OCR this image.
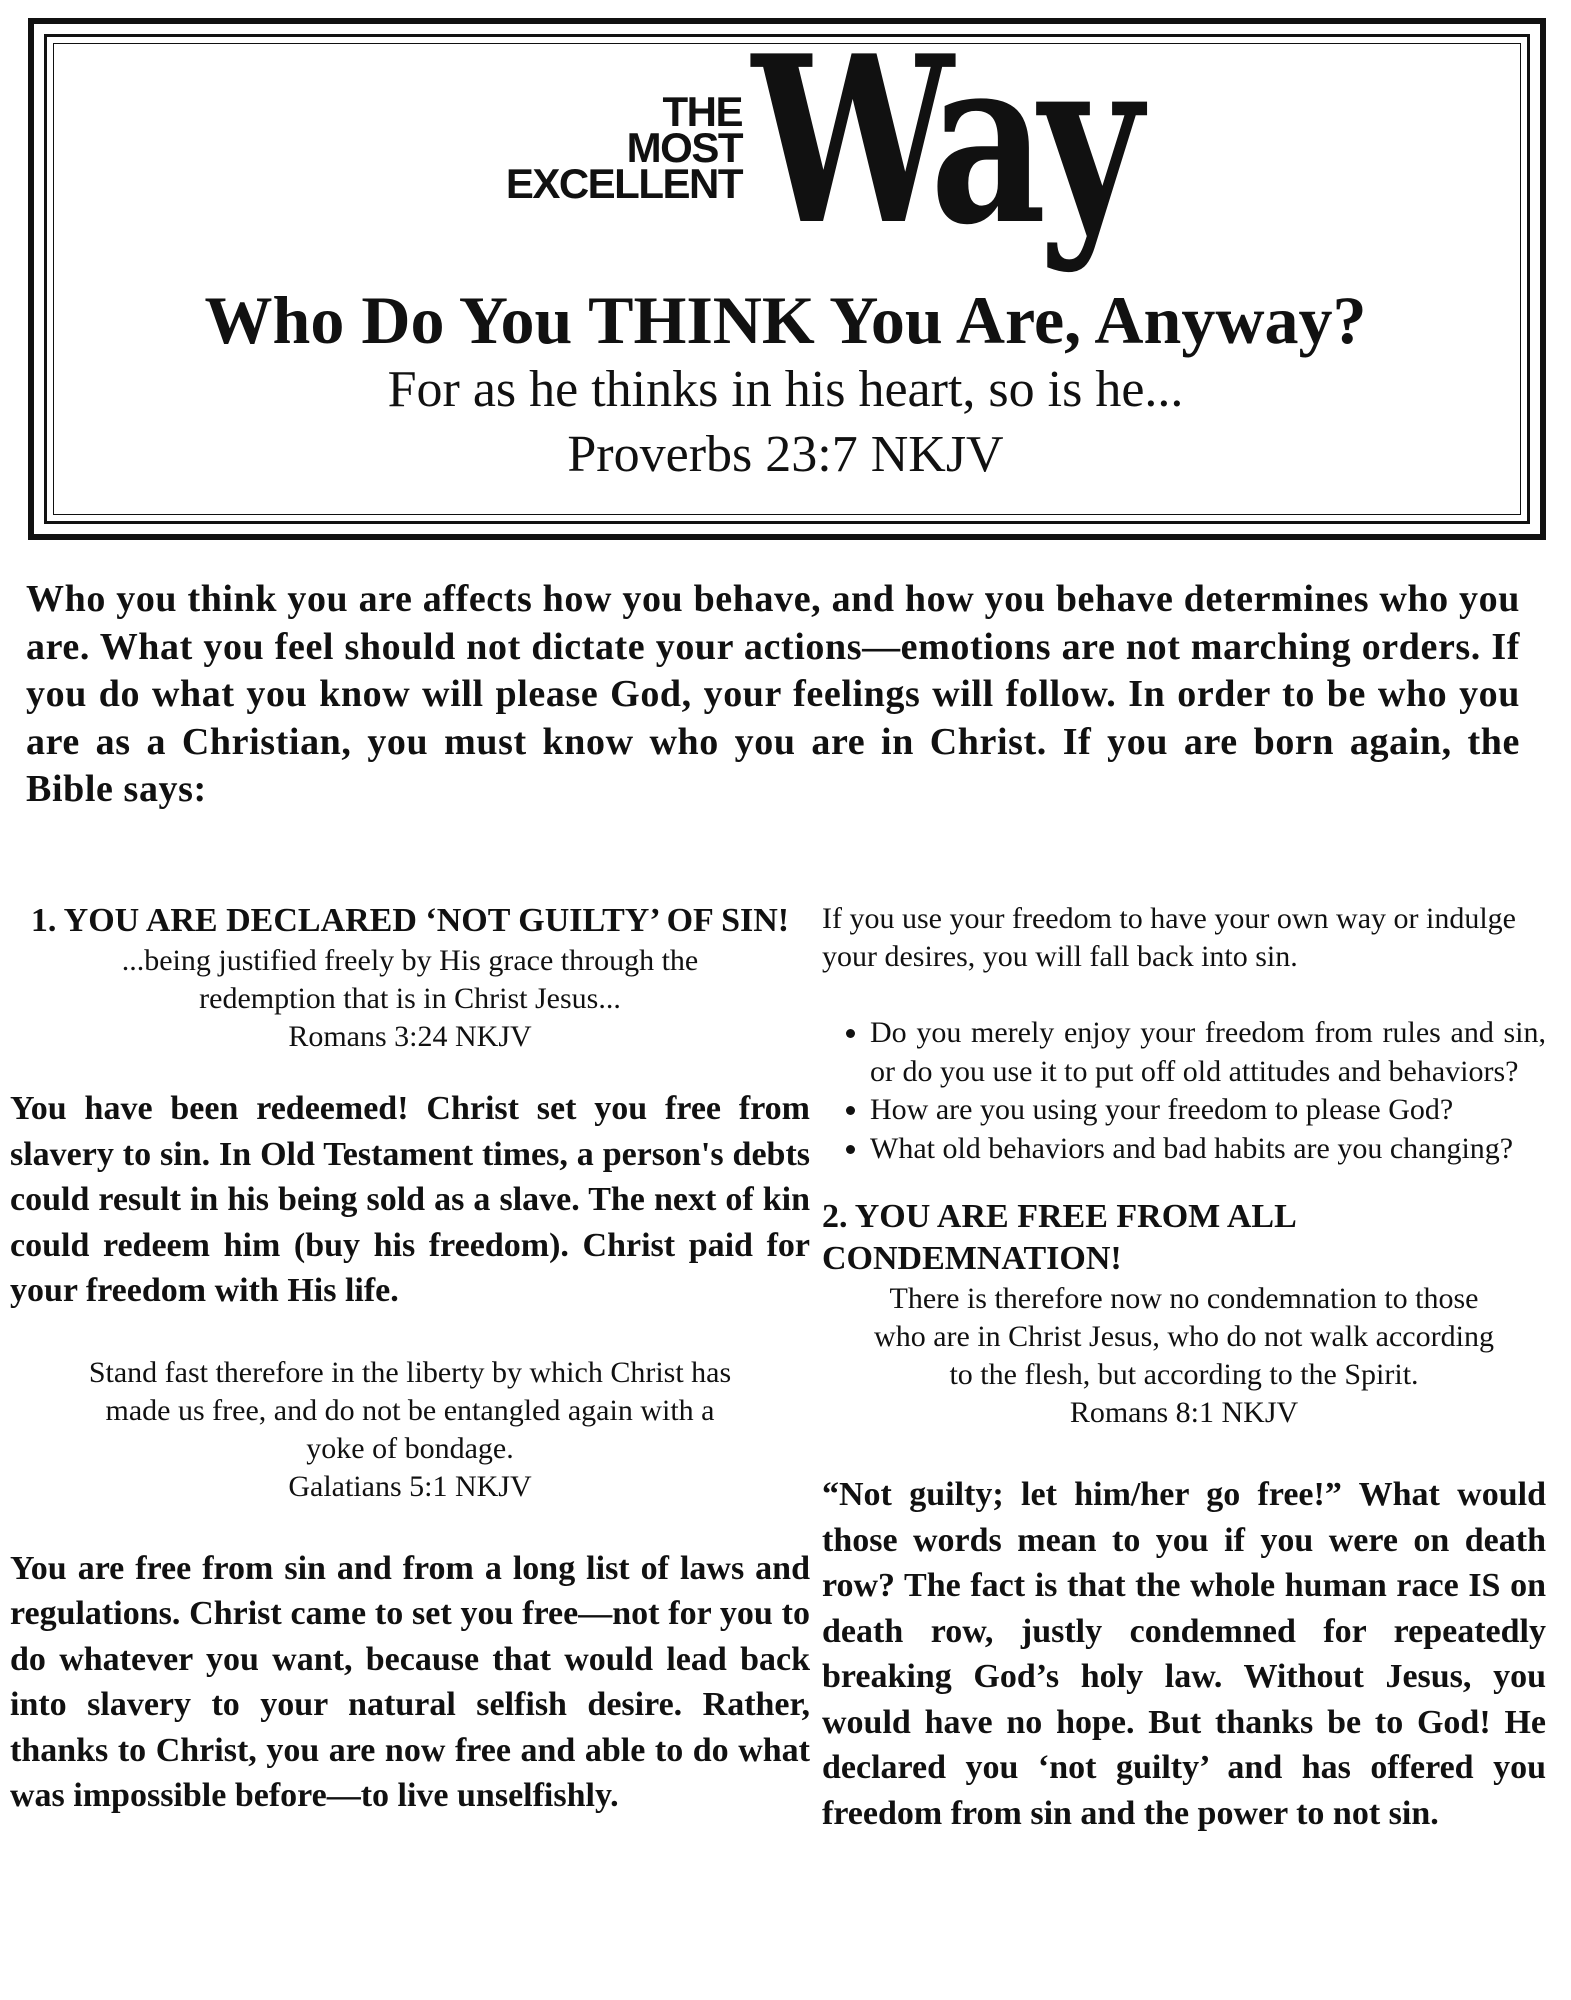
THE
MOST
EXCELLENT Way
Who Do You THINK You Are, Anyway?
For as he thinks in his heart, so is he...
Proverbs 23:7 NKJV

Who you think you are affects how you behave, and how you behave determines who you are. What you feel should not dictate your actions—emotions are not marching orders. If you do what you know will please God, your feelings will follow. In order to be who you are as a Christian, you must know who you are in Christ. If you are born again, the Bible says:

1. YOU ARE DECLARED ‘NOT GUILTY’ OF SIN!

...being justified freely by His grace through the
redemption that is in Christ Jesus...
Romans 3:24 NKJV

You have been redeemed! Christ set you free from slavery to sin. In Old Testament times, a person's debts could result in his being sold as a slave. The next of kin could redeem him (buy his freedom). Christ paid for your freedom with His life.

Stand fast therefore in the liberty by which Christ has
made us free, and do not be entangled again with a
yoke of bondage.
Galatians 5:1 NKJV

You are free from sin and from a long list of laws and regulations. Christ came to set you free—not for you to do whatever you want, because that would lead back into slavery to your natural selfish desire. Rather, thanks to Christ, you are now free and able to do what was impossible before—to live unselfishly.

If you use your freedom to have your own way or indulge your desires, you will fall back into sin.

• Do you merely enjoy your freedom from rules and sin, or do you use it to put off old attitudes and behaviors?
• How are you using your freedom to please God?
• What old behaviors and bad habits are you changing?

2. YOU ARE FREE FROM ALL
CONDEMNATION!

There is therefore now no condemnation to those
who are in Christ Jesus, who do not walk according
to the flesh, but according to the Spirit.
Romans 8:1 NKJV

“Not guilty; let him/her go free!” What would those words mean to you if you were on death row? The fact is that the whole human race IS on death row, justly condemned for repeatedly breaking God’s holy law. Without Jesus, you would have no hope. But thanks be to God! He declared you ‘not guilty’ and has offered you freedom from sin and the power to not sin.
